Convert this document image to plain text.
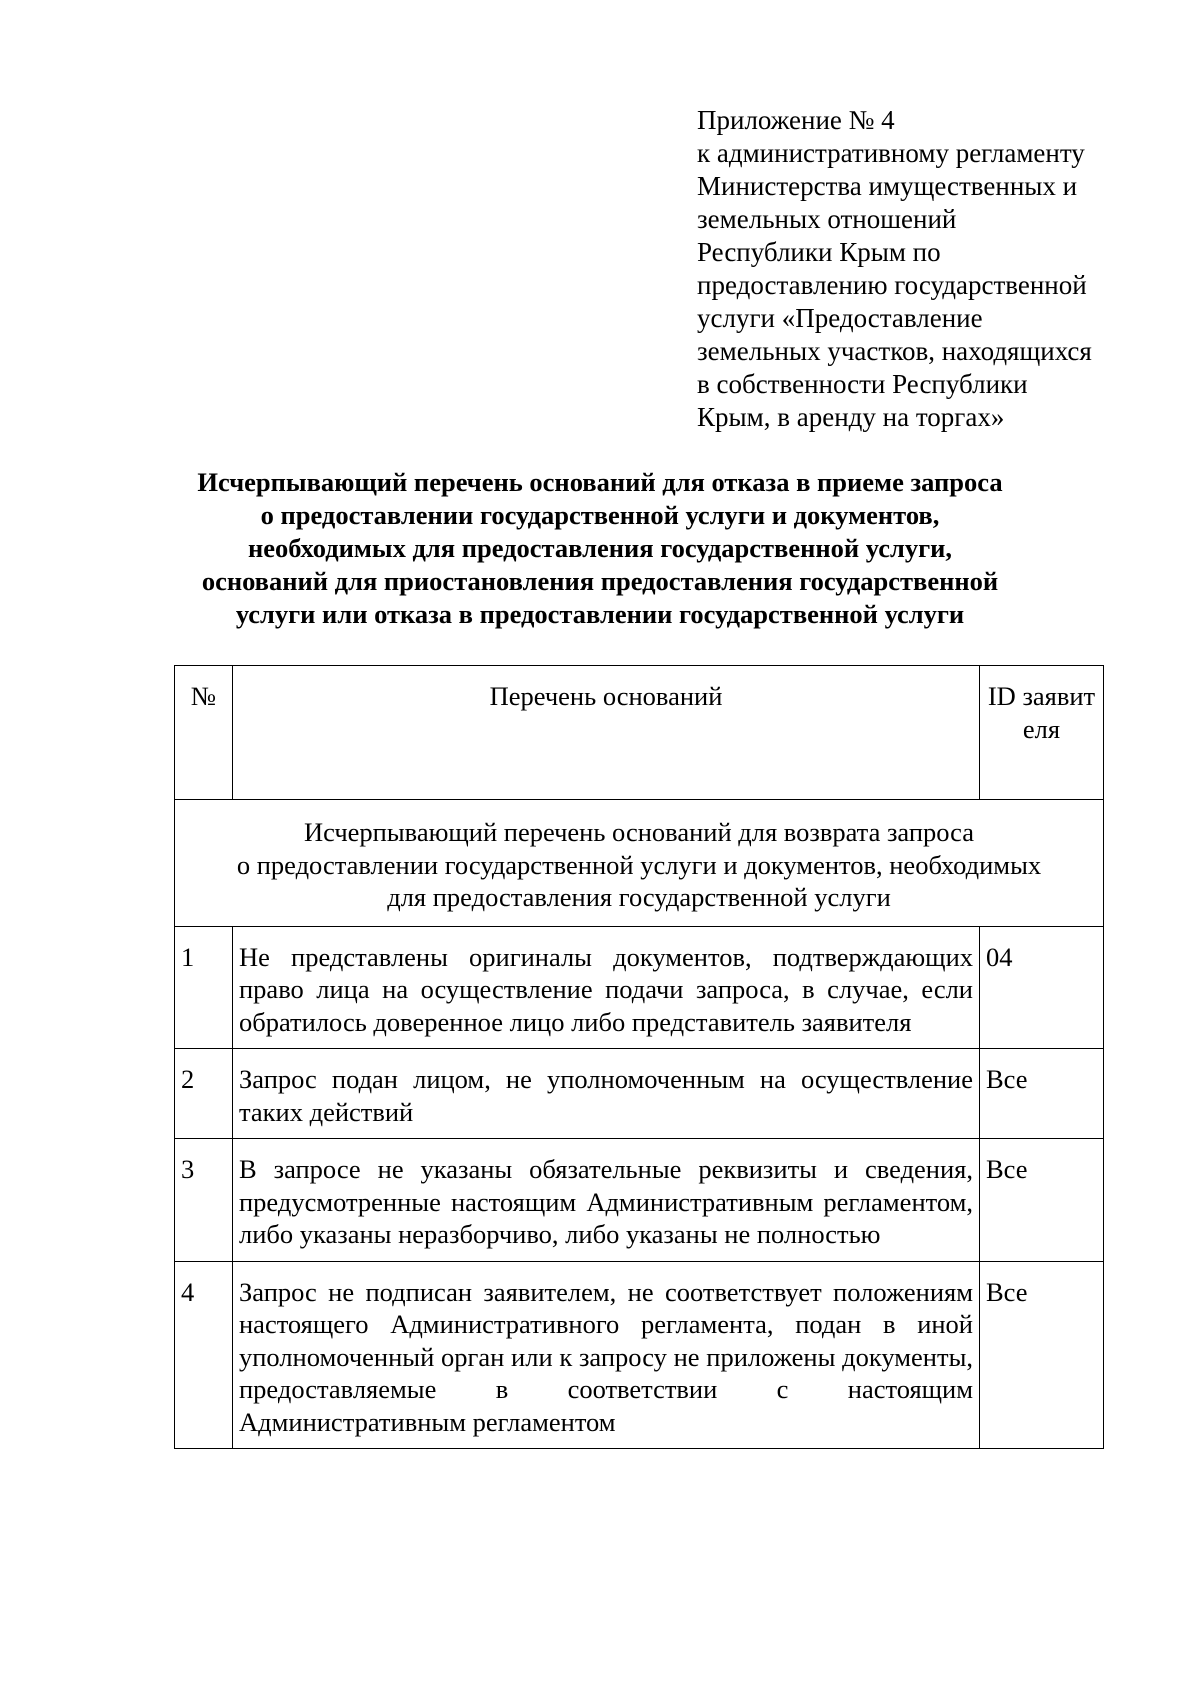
Приложение № 4
к административному регламенту
Министерства имущественных и
земельных отношений
Республики Крым по
предоставлению государственной
услуги «Предоставление
земельных участков, находящихся
в собственности Республики
Крым, в аренду на торгах»
Исчерпывающий перечень оснований для отказа в приеме запроса
о предоставлении государственной услуги и документов,
необходимых для предоставления государственной услуги,
оснований для приостановления предоставления государственной
услуги или отказа в предоставлении государственной услуги
№	Перечень оснований	ID заявителя

Исчерпывающий перечень оснований для возврата запроса
о предоставлении государственной услуги и документов, необходимых
для предоставления государственной услуги		

1	Не представлены оригиналы документов, подтверждающих право лица на осуществление подачи запроса, в случае, если обратилось доверенное лицо либо представитель заявителя	04
2	Запрос подан лицом, не уполномоченным на осуществление таких действий	Все
3	В запросе не указаны обязательные реквизиты и сведения, предусмотренные настоящим Административным регламентом, либо указаны неразборчиво, либо указаны не полностью	Все
4	Запрос не подписан заявителем, не соответствует положениям настоящего Административного регламента, подан в иной уполномоченный орган или к запросу не приложены документы, предоставляемые в соответствии с настоящим Административным регламентом	Все
